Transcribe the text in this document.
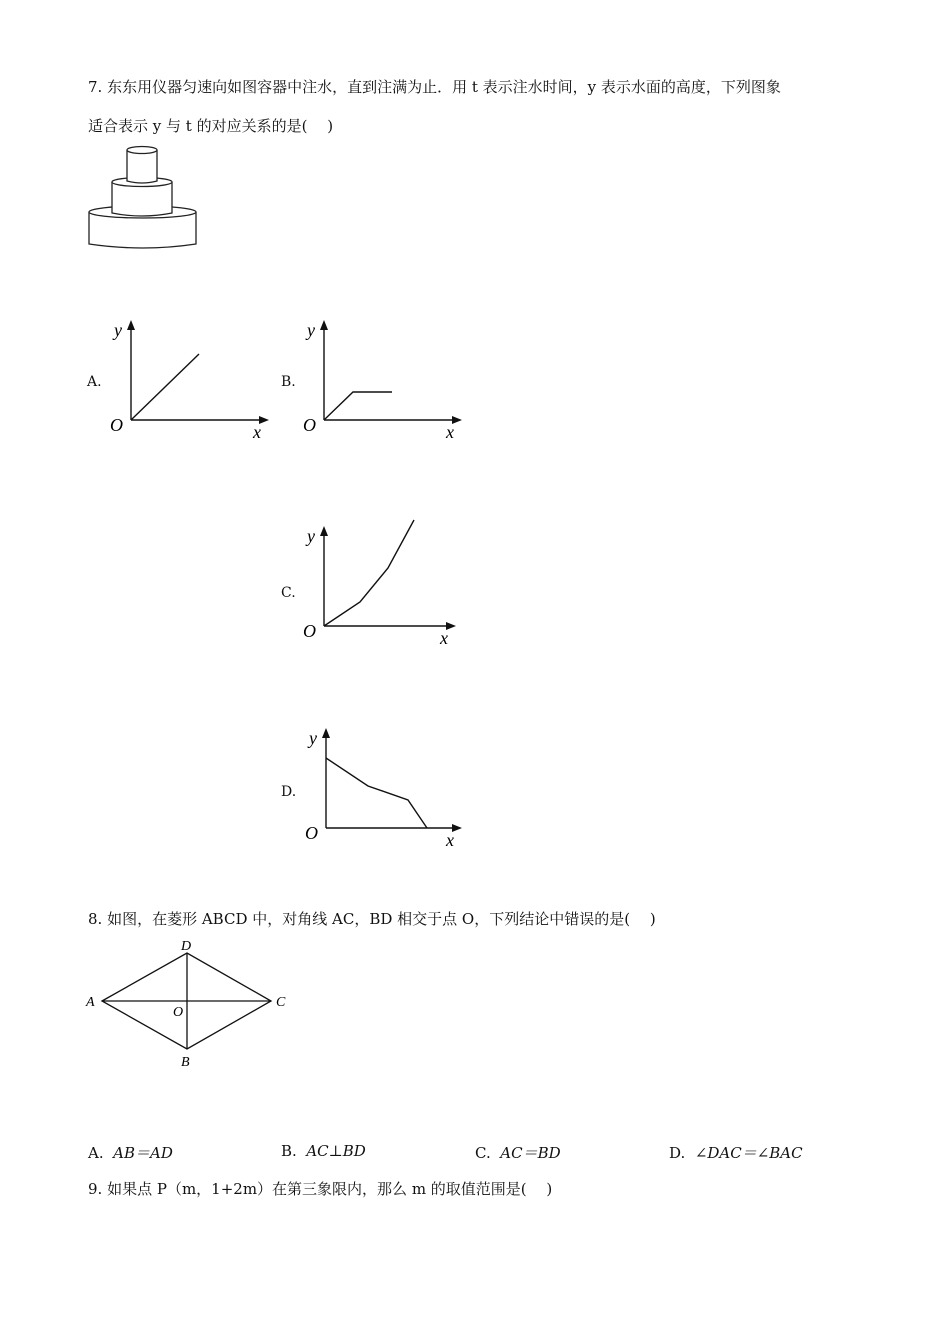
7. 东东用仪器匀速向如图容器中注水，直到注满为止．用 t 表示注水时间，y 表示水面的高度，下列图象
适合表示 y 与 t 的对应关系的是(　 )
A.
y
O	x
B.
y
O	x
C.
y
O	x
D.
y
O	x
8. 如图，在菱形 ABCD 中，对角线 AC，BD 相交于点 O，下列结论中错误的是(　 )
D
A	C
O
B
A. AB＝AD	B. AC⊥BD	C. AC＝BD	D. ∠DAC＝∠BAC
9. 如果点 P（m，1+2m）在第三象限内，那么 m 的取值范围是(　 )
